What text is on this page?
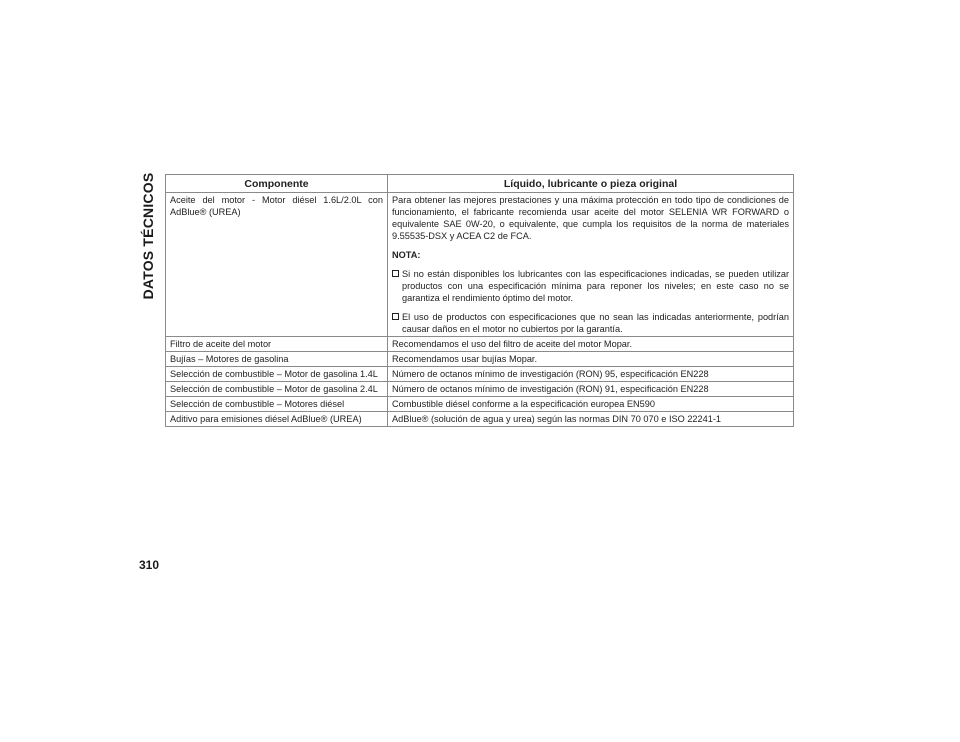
DATOS TÉCNICOS
310
Componente	Líquido, lubricante o pieza original
Aceite del motor - Motor diésel 1.6L/2.0L con AdBlue® (UREA)	Para obtener las mejores prestaciones y una máxima protección en todo tipo de condiciones de funcionamiento, el fabricante recomienda usar aceite del motor SELENIA WR FORWARD o equivalente SAE 0W-20, o equivalente, que cumpla los requisitos de la norma de materiales 9.55535-DSX y ACEA C2 de FCA.

NOTA:
Si no están disponibles los lubricantes con las especificaciones indicadas, se pueden utilizar productos con una especificación mínima para reponer los niveles; en este caso no se garantiza el rendimiento óptimo del motor.
El uso de productos con especificaciones que no sean las indicadas anteriormente, podrían causar daños en el motor no cubiertos por la garantía.

Filtro de aceite del motor	Recomendamos el uso del filtro de aceite del motor Mopar.
Bujías – Motores de gasolina	Recomendamos usar bujías Mopar.
Selección de combustible – Motor de gasolina 1.4L	Número de octanos mínimo de investigación (RON) 95, especificación EN228
Selección de combustible – Motor de gasolina 2.4L	Número de octanos mínimo de investigación (RON) 91, especificación EN228
Selección de combustible – Motores diésel	Combustible diésel conforme a la especificación europea EN590
Aditivo para emisiones diésel AdBlue® (UREA)	AdBlue® (solución de agua y urea) según las normas DIN 70 070 e ISO 22241-1
